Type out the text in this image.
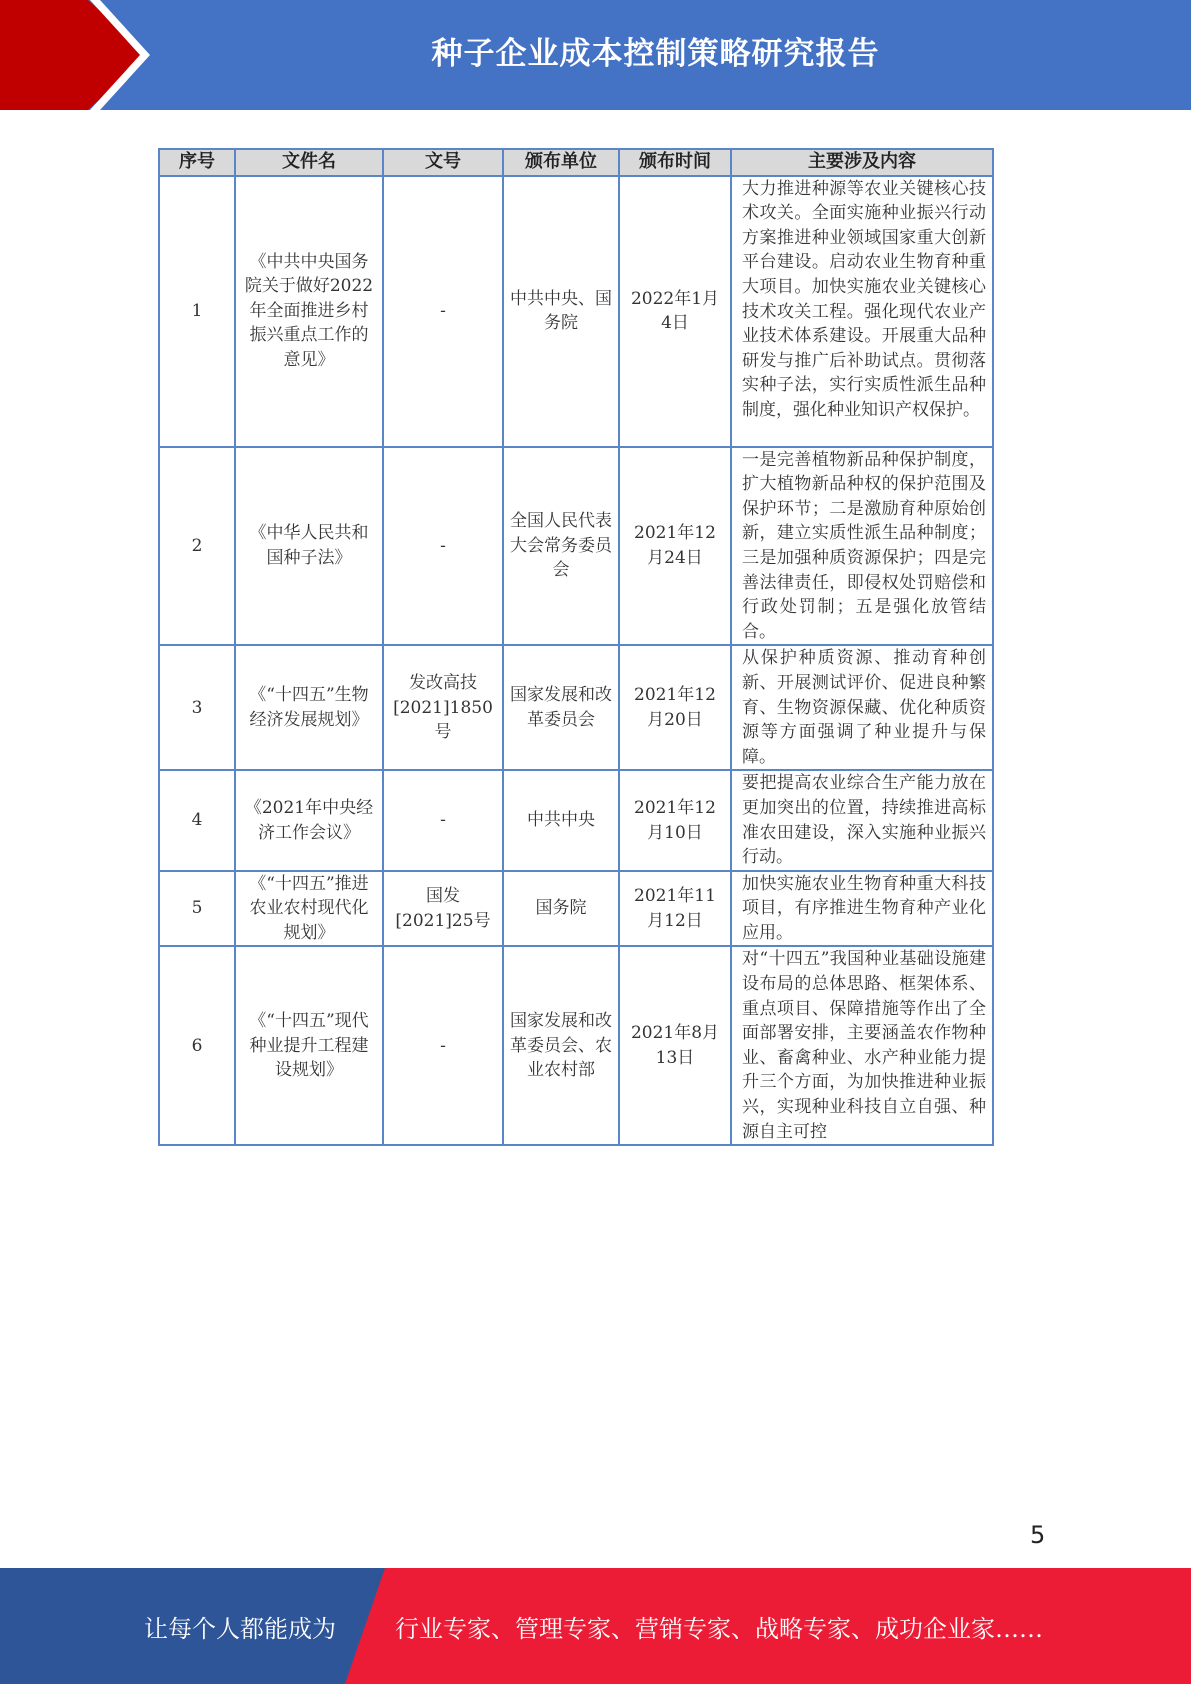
种子企业成本控制策略研究报告
序号	文件名	文号	颁布单位	颁布时间	主要涉及内容
1	《中共中央国务院关于做好2022年全面推进乡村振兴重点工作的意见》	-	中共中央、国务院	2022年1月4日	大力推进种源等农业关键核心技术攻关。全面实施种业振兴行动方案推进种业领域国家重大创新平台建设。启动农业生物育种重大项目。加快实施农业关键核心技术攻关工程。强化现代农业产业技术体系建设。开展重大品种研发与推广后补助试点。贯彻落实种子法，实行实质性派生品种制度，强化种业知识产权保护。
2	《中华人民共和国种子法》	-	全国人民代表大会常务委员会	2021年12月24日	一是完善植物新品种保护制度，扩大植物新品种权的保护范围及保护环节；二是激励育种原始创新，建立实质性派生品种制度；三是加强种质资源保护；四是完善法律责任，即侵权处罚赔偿和行政处罚制；五是强化放管结合。
3	《“十四五”生物经济发展规划》	发改高技[2021]1850号	国家发展和改革委员会	2021年12月20日	从保护种质资源、推动育种创新、开展测试评价、促进良种繁育、生物资源保藏、优化种质资源等方面强调了种业提升与保障。
4	《2021年中央经济工作会议》	-	中共中央	2021年12月10日	要把提高农业综合生产能力放在更加突出的位置，持续推进高标准农田建设，深入实施种业振兴行动。
5	《“十四五”推进农业农村现代化规划》	国发[2021]25号	国务院	2021年11月12日	加快实施农业生物育种重大科技项目，有序推进生物育种产业化应用。
6	《“十四五”现代种业提升工程建设规划》	-	国家发展和改革委员会、农业农村部	2021年8月13日	对“十四五”我国种业基础设施建设布局的总体思路、框架体系、重点项目、保障措施等作出了全面部署安排，主要涵盖农作物种业、畜禽种业、水产种业能力提升三个方面，为加快推进种业振兴，实现种业科技自立自强、种源自主可控
5
让每个人都能成为	行业专家、管理专家、营销专家、战略专家、成功企业家……
